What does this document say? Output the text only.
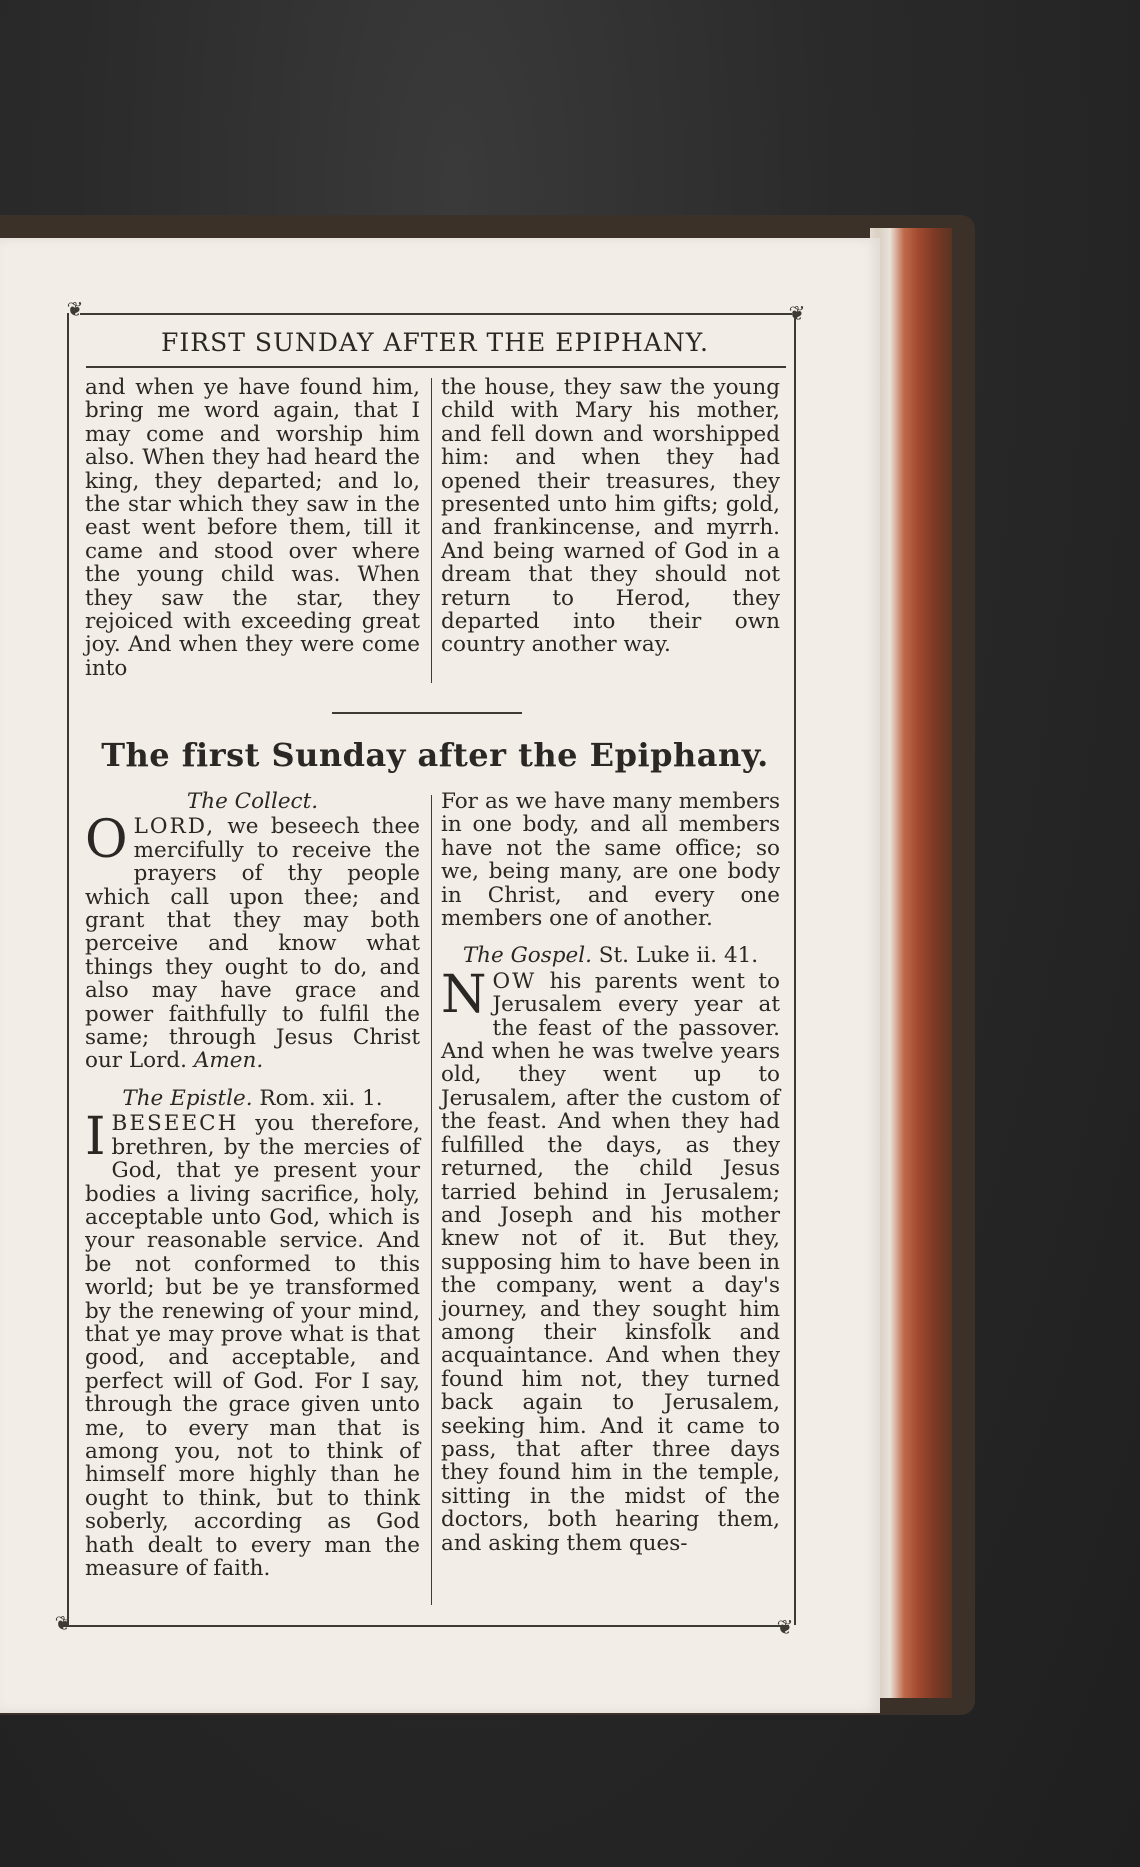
❦	❦
❦	❦
FIRST SUNDAY AFTER THE EPIPHANY.
and when ye have found him, bring me word again, that I may come and worship him also. When they had heard the king, they departed; and lo, the star which they saw in the east went before them, till it came and stood over where the young child was. When they saw the star, they rejoiced with exceeding great joy. And when they were come into
the house, they saw the young child with Mary his mother, and fell down and worshipped him: and when they had opened their treasures, they presented unto him gifts; gold, and frankincense, and myrrh. And being warned of God in a dream that they should not return to Herod, they departed into their own country another way.
The first Sunday after the Epiphany.

The Collect.

OLORD, we beseech thee mercifully to receive the prayers of thy people which call upon thee; and grant that they may both perceive and know what things they ought to do, and also may have grace and power faithfully to fulfil the same; through Jesus Christ our Lord. Amen.

The Epistle. Rom. xii. 1.

IBESEECH you therefore, brethren, by the mercies of God, that ye present your bodies a living sacrifice, holy, acceptable unto God, which is your reasonable service. And be not conformed to this world; but be ye transformed by the renewing of your mind, that ye may prove what is that good, and acceptable, and perfect will of God. For I say, through the grace given unto me, to every man that is among you, not to think of himself more highly than he ought to think, but to think soberly, according as God hath dealt to every man the measure of faith.

For as we have many members in one body, and all members have not the same office; so we, being many, are one body in Christ, and every one members one of another.

The Gospel. St. Luke ii. 41.

NOW his parents went to Jerusalem every year at the feast of the passover. And when he was twelve years old, they went up to Jerusalem, after the custom of the feast. And when they had fulfilled the days, as they returned, the child Jesus tarried behind in Jerusalem; and Joseph and his mother knew not of it. But they, supposing him to have been in the company, went a day's journey, and they sought him among their kinsfolk and acquaintance. And when they found him not, they turned back again to Jerusalem, seeking him. And it came to pass, that after three days they found him in the temple, sitting in the midst of the doctors, both hearing them, and asking them ques-
